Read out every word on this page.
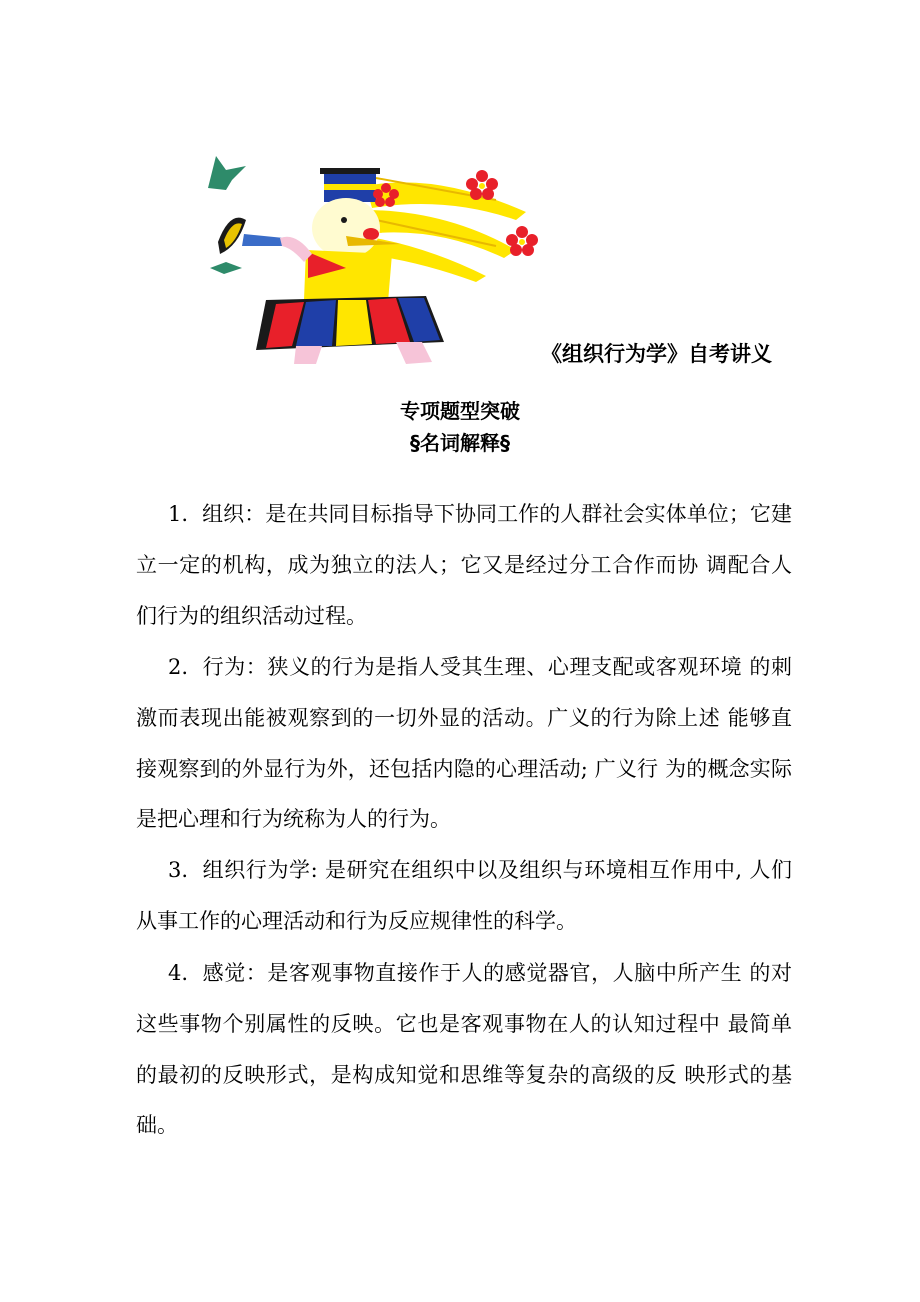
《组织行为学》自考讲义
专项题型突破
§名词解释§

1. 组织：是在共同目标指导下协同工作的人群社会实体单位；它建立一定的机构，成为独立的法人；它又是经过分工合作而协 调配合人们行为的组织活动过程。

2. 行为：狭义的行为是指人受其生理、心理支配或客观环境 的刺激而表现出能被观察到的一切外显的活动。广义的行为除上述 能够直接观察到的外显行为外，还包括内隐的心理活动; 广义行 为的概念实际是把心理和行为统称为人的行为。

3. 组织行为学: 是研究在组织中以及组织与环境相互作用中, 人们从事工作的心理活动和行为反应规律性的科学。

4. 感觉：是客观事物直接作于人的感觉器官，人脑中所产生 的对这些事物个别属性的反映。它也是客观事物在人的认知过程中 最简单的最初的反映形式，是构成知觉和思维等复杂的高级的反 映形式的基础。
